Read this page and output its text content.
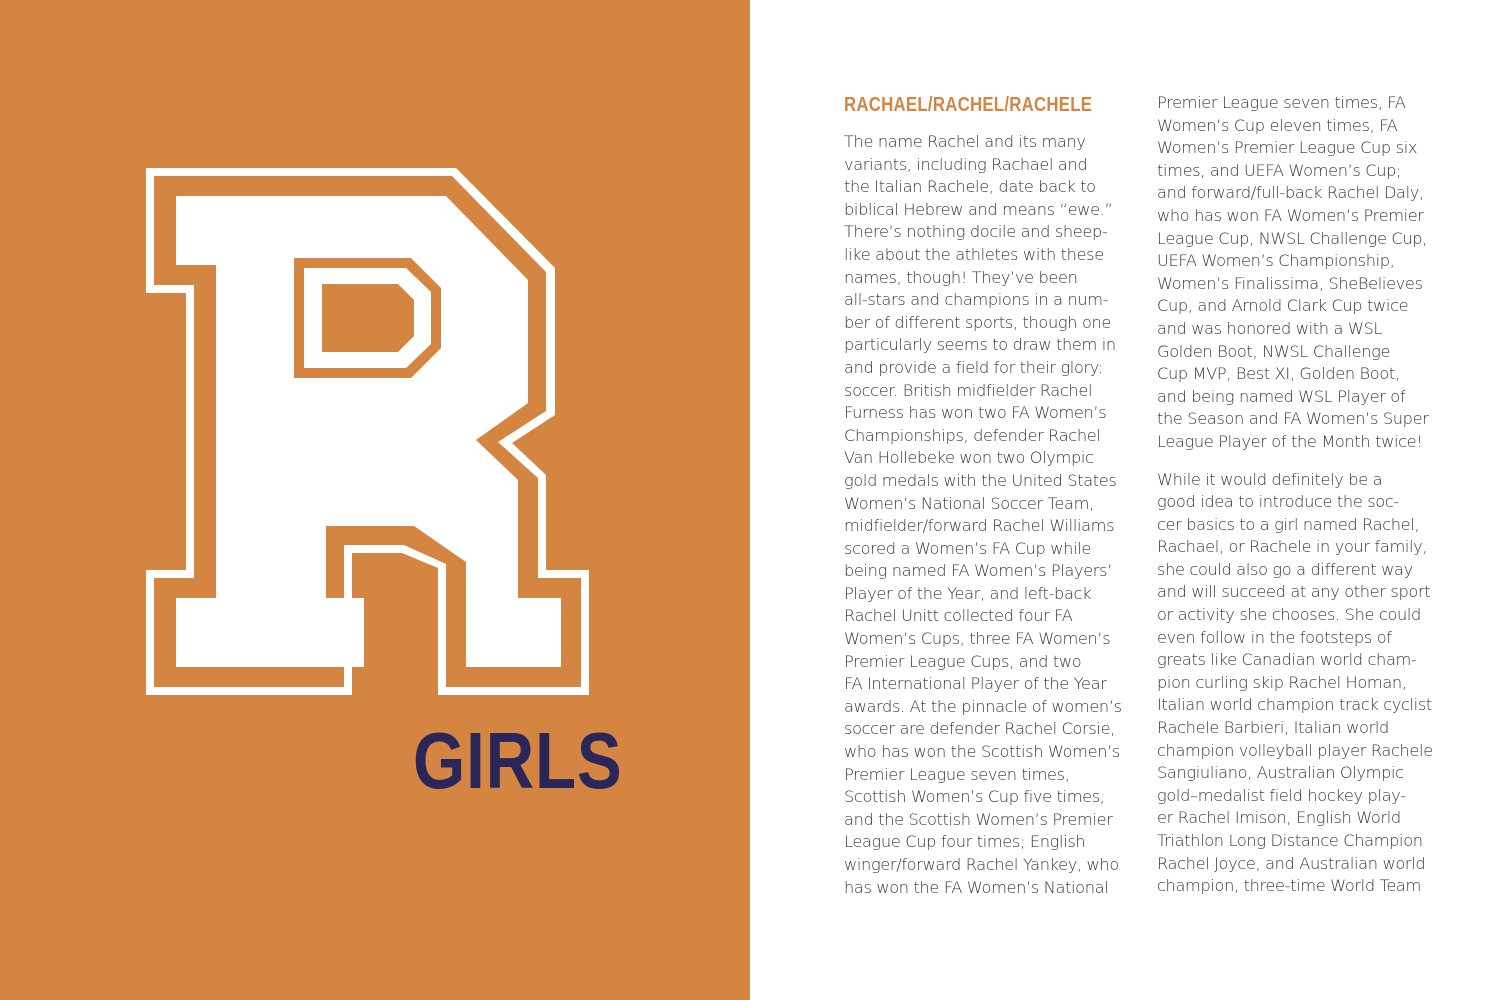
GIRLS
RACHAEL/RACHEL/RACHELE
The name Rachel and its many
variants, including Rachael and
the Italian Rachele, date back to
biblical Hebrew and means “ewe.”
There’s nothing docile and sheep-
like about the athletes with these
names, though! They’ve been
all-stars and champions in a num-
ber of different sports, though one
particularly seems to draw them in
and provide a field for their glory:
soccer. British midfielder Rachel
Furness has won two FA Women’s
Championships, defender Rachel
Van Hollebeke won two Olympic
gold medals with the United States
Women’s National Soccer Team,
midfielder/forward Rachel Williams
scored a Women’s FA Cup while
being named FA Women’s Players’
Player of the Year, and left-back
Rachel Unitt collected four FA
Women’s Cups, three FA Women’s
Premier League Cups, and two
FA International Player of the Year
awards. At the pinnacle of women’s
soccer are defender Rachel Corsie,
who has won the Scottish Women’s
Premier League seven times,
Scottish Women’s Cup five times,
and the Scottish Women’s Premier
League Cup four times; English
winger/forward Rachel Yankey, who
has won the FA Women’s National
Premier League seven times, FA
Women’s Cup eleven times, FA
Women’s Premier League Cup six
times, and UEFA Women’s Cup;
and forward/full-back Rachel Daly,
who has won FA Women’s Premier
League Cup, NWSL Challenge Cup,
UEFA Women’s Championship,
Women’s Finalissima, SheBelieves
Cup, and Arnold Clark Cup twice
and was honored with a WSL
Golden Boot, NWSL Challenge
Cup MVP, Best XI, Golden Boot,
and being named WSL Player of
the Season and FA Women’s Super
League Player of the Month twice!
While it would definitely be a
good idea to introduce the soc-
cer basics to a girl named Rachel,
Rachael, or Rachele in your family,
she could also go a different way
and will succeed at any other sport
or activity she chooses. She could
even follow in the footsteps of
greats like Canadian world cham-
pion curling skip Rachel Homan,
Italian world champion track cyclist
Rachele Barbieri, Italian world
champion volleyball player Rachele
Sangiuliano, Australian Olympic
gold–medalist field hockey play-
er Rachel Imison, English World
Triathlon Long Distance Champion
Rachel Joyce, and Australian world
champion, three-time World Team
